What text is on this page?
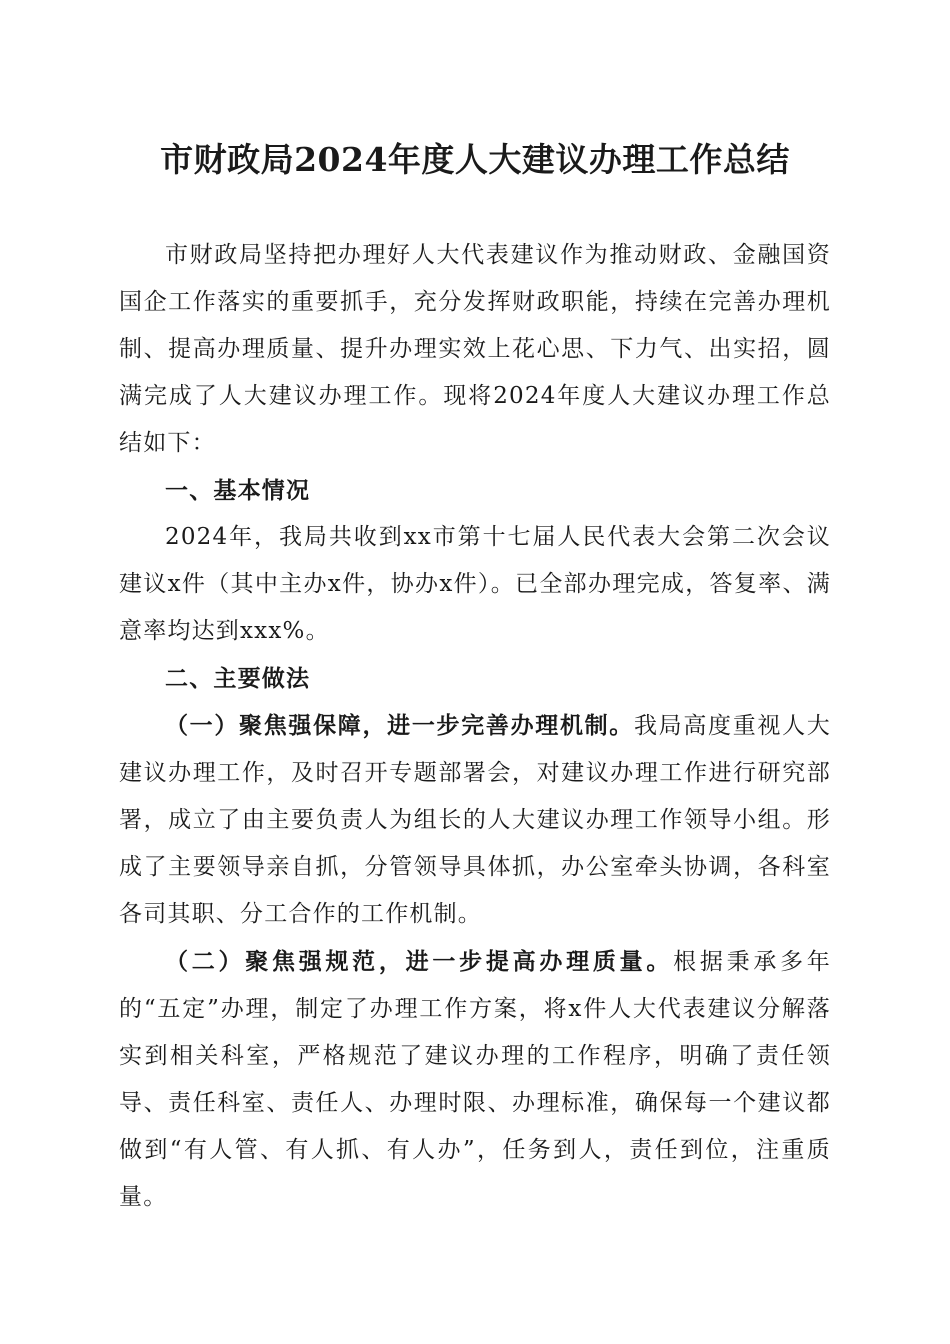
市财政局2024年度人大建议办理工作总结

市财政局坚持把办理好人大代表建议作为推动财政、金融国资国企工作落实的重要抓手，充分发挥财政职能，持续在完善办理机制、提高办理质量、提升办理实效上花心思、下力气、出实招，圆满完成了人大建议办理工作。现将2024年度人大建议办理工作总结如下：

一、基本情况

2024年，我局共收到xx市第十七届人民代表大会第二次会议建议x件（其中主办x件，协办x件）。已全部办理完成，答复率、满意率均达到xxx%。

二、主要做法

（一）聚焦强保障，进一步完善办理机制。我局高度重视人大建议办理工作，及时召开专题部署会，对建议办理工作进行研究部署，成立了由主要负责人为组长的人大建议办理工作领导小组。形成了主要领导亲自抓，分管领导具体抓，办公室牵头协调，各科室各司其职、分工合作的工作机制。

（二）聚焦强规范，进一步提高办理质量。根据秉承多年的“五定”办理，制定了办理工作方案，将x件人大代表建议分解落实到相关科室，严格规范了建议办理的工作程序，明确了责任领导、责任科室、责任人、办理时限、办理标准，确保每一个建议都做到“有人管、有人抓、有人办”，任务到人，责任到位，注重质量。
